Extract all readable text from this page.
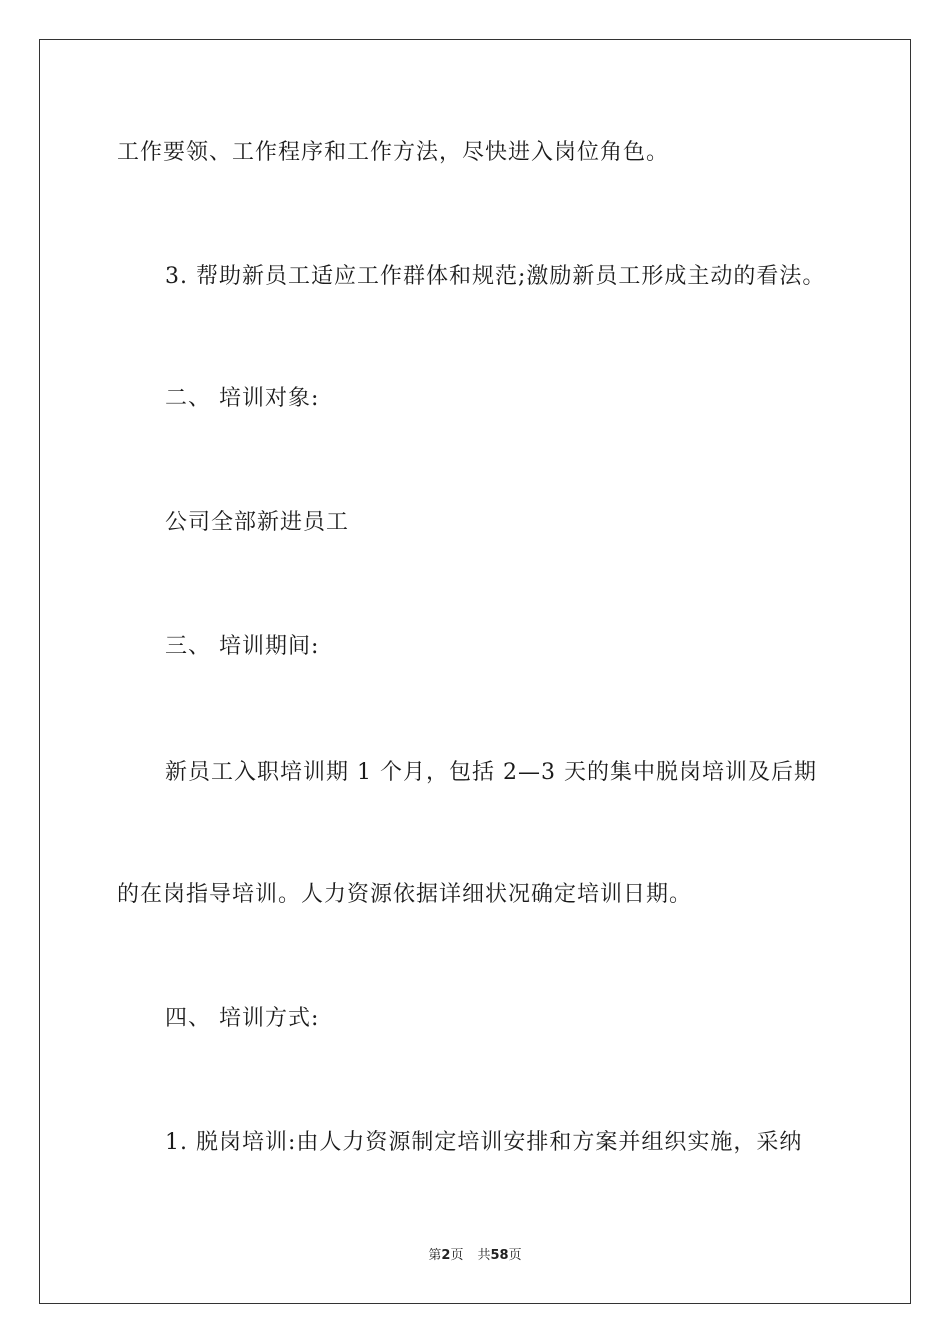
工作要领、工作程序和工作方法，尽快进入岗位角色。
3. 帮助新员工适应工作群体和规范;激励新员工形成主动的看法。
二、 培训对象:
公司全部新进员工
三、 培训期间:
新员工入职培训期 1 个月，包括 2—3 天的集中脱岗培训及后期
的在岗指导培训。人力资源依据详细状况确定培训日期。
四、 培训方式:
1. 脱岗培训:由人力资源制定培训安排和方案并组织实施，采纳
第2页 共58页
